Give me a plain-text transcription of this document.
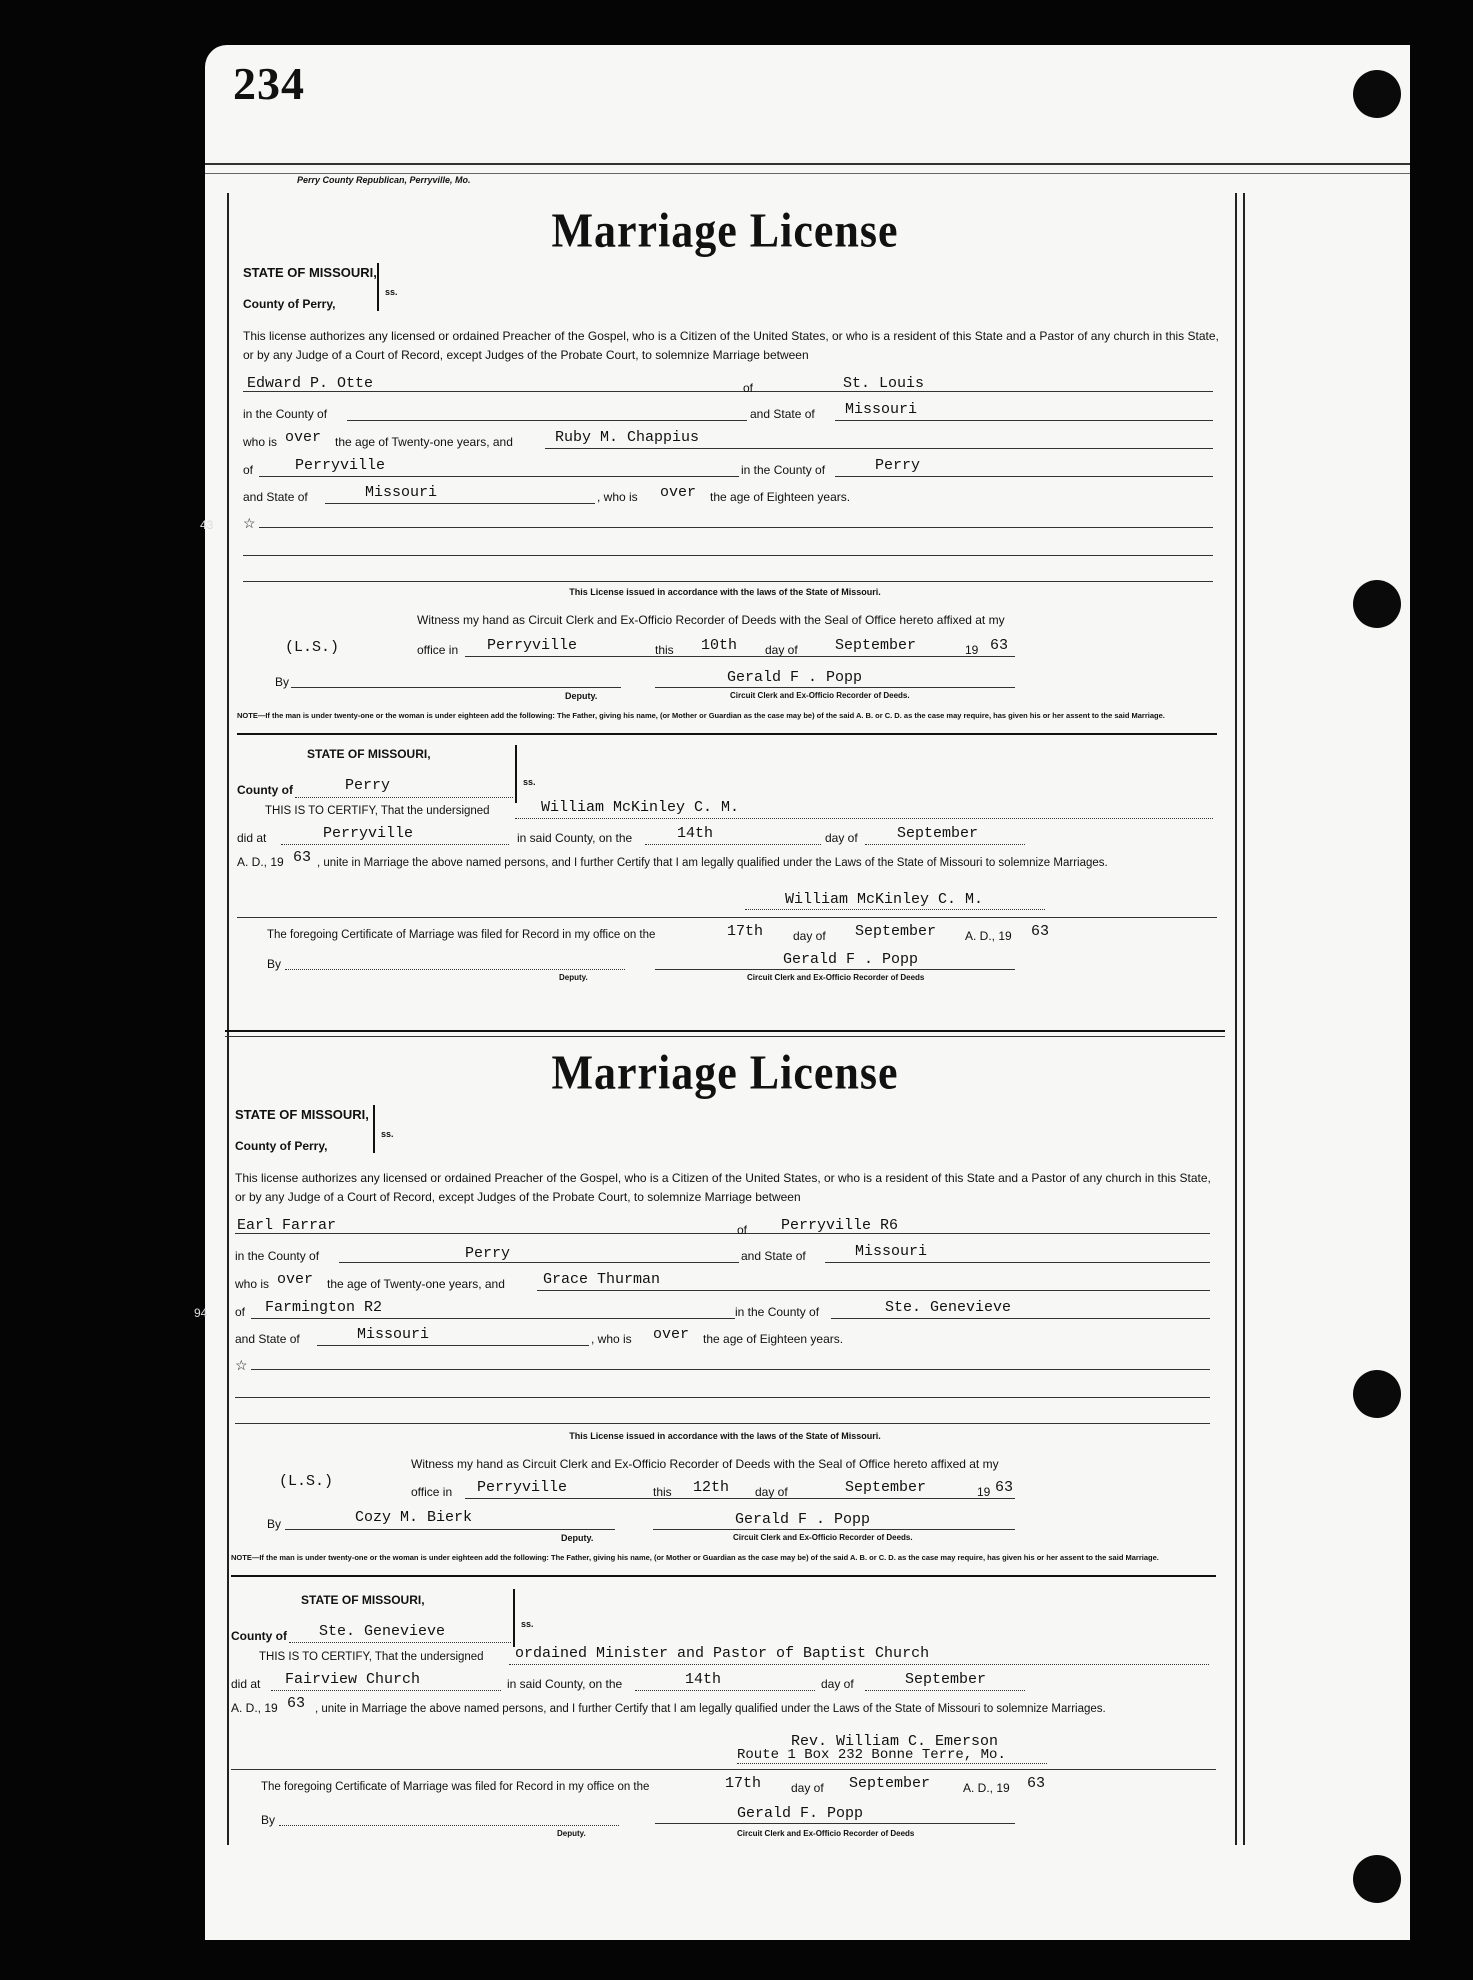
234
Perry County Republican, Perryville, Mo.
Marriage License
STATE OF MISSOURI,
County of Perry,
ss.
This license authorizes any licensed or ordained Preacher of the Gospel, who is a Citizen of the United States, or who is a resident of this State and a Pastor of any church in this State, or by any Judge of a Court of Record, except Judges of the Probate Court, to solemnize Marriage between
Edward P. Otte	of	St. Louis
in the County of	and State of Missouri
who is over the age of Twenty-one years, and	Ruby M. Chappius
of	Perryville	in the County of	Perry
and State of	Missouri	, who is over the age of Eighteen years.
☆
This License issued in accordance with the laws of the State of Missouri.
Witness my hand as Circuit Clerk and Ex-Officio Recorder of Deeds with the Seal of Office hereto affixed at my
(L.S.)	office in Perryville	this 10th day of September	19 63
By
Deputy.
Gerald F . Popp
Circuit Clerk and Ex-Officio Recorder of Deeds.
NOTE—If the man is under twenty-one or the woman is under eighteen add the following: The Father, giving his name, (or Mother or Guardian as the case may be) of the said A. B. or C. D. as the case may require, has given his or her assent to the said Marriage.
STATE OF MISSOURI,
County of	Perry	ss.
THIS IS TO CERTIFY, That the undersigned	William McKinley C. M.
did at	Perryville	in said County, on the	14th	day of	September
A. D., 19 63 , unite in Marriage the above named persons, and I further Certify that I am legally qualified under the Laws of the State of Missouri to solemnize Marriages.
William McKinley C. M.
The foregoing Certificate of Marriage was filed for Record in my office on the	17th day of September A. D., 19 63
By
Deputy.
Gerald F . Popp
Circuit Clerk and Ex-Officio Recorder of Deeds
Marriage License
STATE OF MISSOURI,
County of Perry,
ss.
This license authorizes any licensed or ordained Preacher of the Gospel, who is a Citizen of the United States, or who is a resident of this State and a Pastor of any church in this State, or by any Judge of a Court of Record, except Judges of the Probate Court, to solemnize Marriage between
Earl Farrar	of Perryville R6
in the County of	Perry	and State of	Missouri
who is over the age of Twenty-one years, and	Grace Thurman
of Farmington R2	in the County of	Ste. Genevieve
and State of	Missouri	, who is over the age of Eighteen years.
☆
This License issued in accordance with the laws of the State of Missouri.
Witness my hand as Circuit Clerk and Ex-Officio Recorder of Deeds with the Seal of Office hereto affixed at my
(L.S.)
office in Perryville	this 12th day of	September	19 63
By	Cozy M. Bierk
Deputy.
Gerald F . Popp
Circuit Clerk and Ex-Officio Recorder of Deeds.
NOTE—If the man is under twenty-one or the woman is under eighteen add the following: The Father, giving his name, (or Mother or Guardian as the case may be) of the said A. B. or C. D. as the case may require, has given his or her assent to the said Marriage.
STATE OF MISSOURI,
County of Ste. Genevieve	ss.
THIS IS TO CERTIFY, That the undersigned ordained Minister and Pastor of Baptist Church
did at Fairview Church	in said County, on the	14th	day of	September
A. D., 19 63 , unite in Marriage the above named persons, and I further Certify that I am legally qualified under the Laws of the State of Missouri to solemnize Marriages.
Rev. William C. Emerson
Route 1 Box 232 Bonne Terre, Mo.
The foregoing Certificate of Marriage was filed for Record in my office on the	17th day of September	A. D., 19 63
By
Deputy.
Gerald F. Popp
Circuit Clerk and Ex-Officio Recorder of Deeds
43
94
